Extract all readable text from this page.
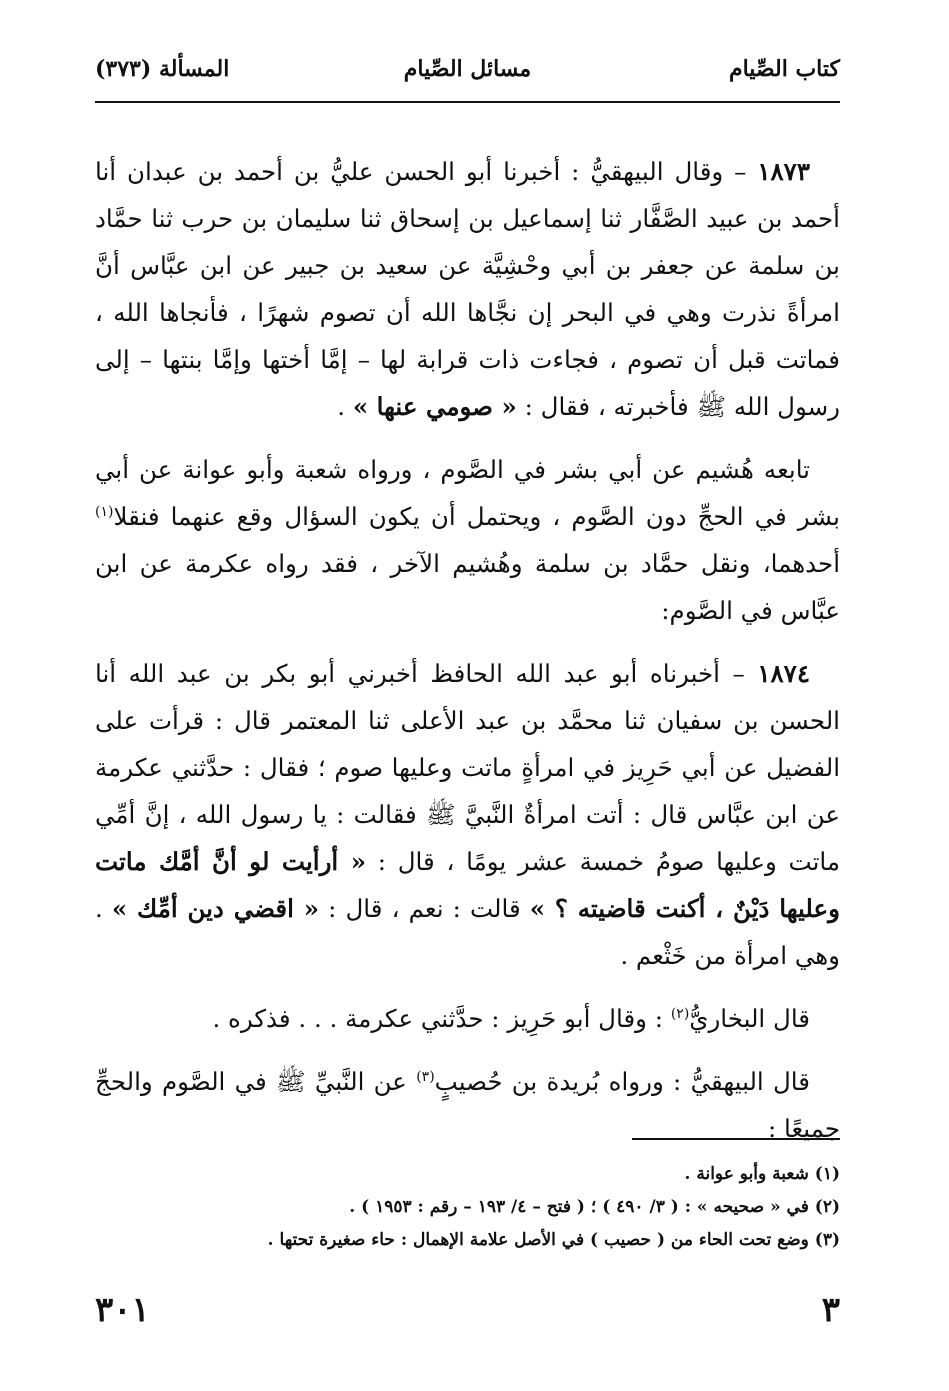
كتاب الصِّيام
مسائل الصِّيام
المسألة (٣٧٣)

١٨٧٣ – وقال البيهقيُّ : أخبرنا أبو الحسن عليُّ بن أحمد بن عبدان أنا أحمد بن عبيد الصَّفَّار ثنا إسماعيل بن إسحاق ثنا سليمان بن حرب ثنا حمَّاد بن سلمة عن جعفر بن أبي وحْشِيَّة عن سعيد بن جبير عن ابن عبَّاس أنَّ امرأةً نذرت وهي في البحر إن نجَّاها الله أن تصوم شهرًا ، فأنجاها الله ، فماتت قبل أن تصوم ، فجاءت ذات قرابة لها – إمَّا أختها وإمَّا بنتها – إلى رسول الله ﷺ فأخبرته ، فقال : « صومي عنها » .

تابعه هُشيم عن أبي بشر في الصَّوم ، ورواه شعبة وأبو عوانة عن أبي بشر في الحجِّ دون الصَّوم ، ويحتمل أن يكون السؤال وقع عنهما فنقلا$^{(١)}$ أحدهما، ونقل حمَّاد بن سلمة وهُشيم الآخر ، فقد رواه عكرمة عن ابن عبَّاس في الصَّوم:

١٨٧٤ – أخبرناه أبو عبد الله الحافظ أخبرني أبو بكر بن عبد الله أنا الحسن بن سفيان ثنا محمَّد بن عبد الأعلى ثنا المعتمر قال : قرأت على الفضيل عن أبي حَرِيز في امرأةٍ ماتت وعليها صوم ؛ فقال : حدَّثني عكرمة عن ابن عبَّاس قال : أتت امرأةٌ النَّبيَّ ﷺ فقالت : يا رسول الله ، إنَّ أمِّي ماتت وعليها صومُ خمسة عشر يومًا ، قال : « أرأيت لو أنَّ أمَّك ماتت وعليها دَيْنٌ ، أكنت قاضيته ؟ » قالت : نعم ، قال : « اقضي دين أمِّك » . وهي امرأة من خَثْعم .

قال البخاريُّ$^{(٢)}$ : وقال أبو حَرِيز : حدَّثني عكرمة . . . فذكره .

قال البيهقيُّ : ورواه بُريدة بن حُصيبٍ$^{(٣)}$ عن النَّبيِّ ﷺ في الصَّوم والحجِّ جميعًا :

(١) شعبة وأبو عوانة .
(٢) في « صحيحه » : ( ٣/ ٤٩٠ ) ؛ ( فتح – ٤/ ١٩٣ – رقم : ١٩٥٣ ) .
(٣) وضع تحت الحاء من ( حصيب ) في الأصل علامة الإهمال : حاء صغيرة تحتها .
٣
٣٠١
